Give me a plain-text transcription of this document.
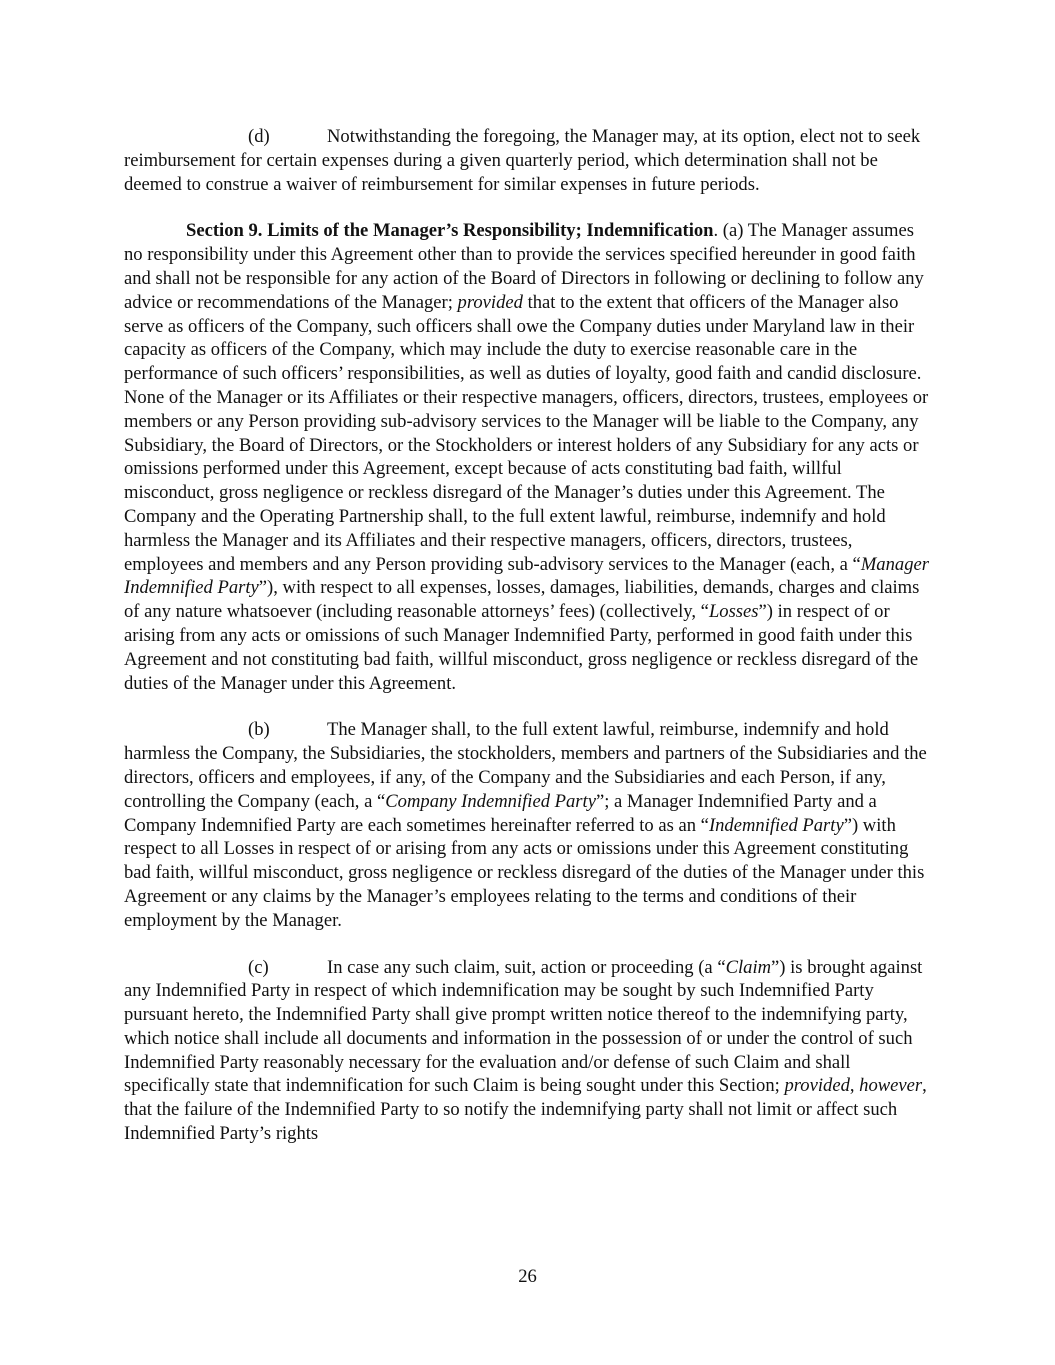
(d)	Notwithstanding the foregoing, the Manager may, at its option, elect not to seek reimbursement for certain expenses during a given quarterly period, which determination shall not be deemed to construe a waiver of reimbursement for similar expenses in future periods.

Section 9. Limits of the Manager’s Responsibility; Indemnification. (a) The Manager assumes no responsibility under this Agreement other than to provide the services specified hereunder in good faith and shall not be responsible for any action of the Board of Directors in following or declining to follow any advice or recommendations of the Manager; provided that to the extent that officers of the Manager also serve as officers of the Company, such officers shall owe the Company duties under Maryland law in their capacity as officers of the Company, which may include the duty to exercise reasonable care in the performance of such officers’ responsibilities, as well as duties of loyalty, good faith and candid disclosure. None of the Manager or its Affiliates or their respective managers, officers, directors, trustees, employees or members or any Person providing sub-advisory services to the Manager will be liable to the Company, any Subsidiary, the Board of Directors, or the Stockholders or interest holders of any Subsidiary for any acts or omissions performed under this Agreement, except because of acts constituting bad faith, willful misconduct, gross negligence or reckless disregard of the Manager’s duties under this Agreement. The Company and the Operating Partnership shall, to the full extent lawful, reimburse, indemnify and hold harmless the Manager and its Affiliates and their respective managers, officers, directors, trustees, employees and members and any Person providing sub-advisory services to the Manager (each, a “Manager Indemnified Party”), with respect to all expenses, losses, damages, liabilities, demands, charges and claims of any nature whatsoever (including reasonable attorneys’ fees) (collectively, “Losses”) in respect of or arising from any acts or omissions of such Manager Indemnified Party, performed in good faith under this Agreement and not constituting bad faith, willful misconduct, gross negligence or reckless disregard of the duties of the Manager under this Agreement.

(b)	The Manager shall, to the full extent lawful, reimburse, indemnify and hold harmless the Company, the Subsidiaries, the stockholders, members and partners of the Subsidiaries and the directors, officers and employees, if any, of the Company and the Subsidiaries and each Person, if any, controlling the Company (each, a “Company Indemnified Party”; a Manager Indemnified Party and a Company Indemnified Party are each sometimes hereinafter referred to as an “Indemnified Party”) with respect to all Losses in respect of or arising from any acts or omissions under this Agreement constituting bad faith, willful misconduct, gross negligence or reckless disregard of the duties of the Manager under this Agreement or any claims by the Manager’s employees relating to the terms and conditions of their employment by the Manager.

(c)	In case any such claim, suit, action or proceeding (a “Claim”) is brought against any Indemnified Party in respect of which indemnification may be sought by such Indemnified Party pursuant hereto, the Indemnified Party shall give prompt written notice thereof to the indemnifying party, which notice shall include all documents and information in the possession of or under the control of such Indemnified Party reasonably necessary for the evaluation and/or defense of such Claim and shall specifically state that indemnification for such Claim is being sought under this Section; provided, however, that the failure of the Indemnified Party to so notify the indemnifying party shall not limit or affect such Indemnified Party’s rights

26
